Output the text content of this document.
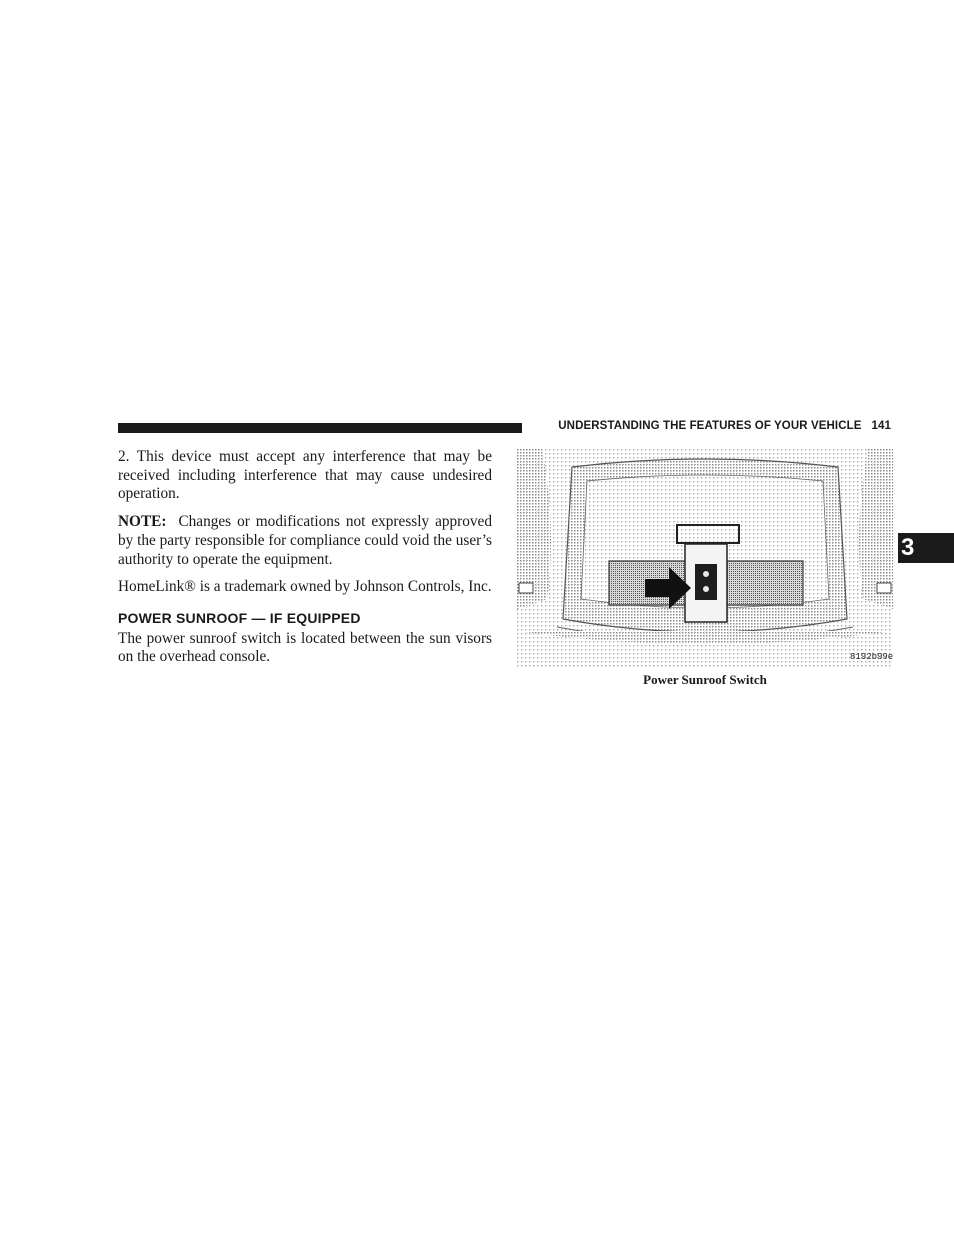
UNDERSTANDING THE FEATURES OF YOUR VEHICLE 141

2. This device must accept any interference that may be received including interference that may cause undesired operation.

NOTE: Changes or modifications not expressly approved by the party responsible for compliance could void the user’s authority to operate the equipment.

HomeLink® is a trademark owned by Johnson Controls, Inc.

POWER SUNROOF — IF EQUIPPED

The power sunroof switch is located between the sun visors on the overhead console.	8192b99e
Power Sunroof Switch
3
